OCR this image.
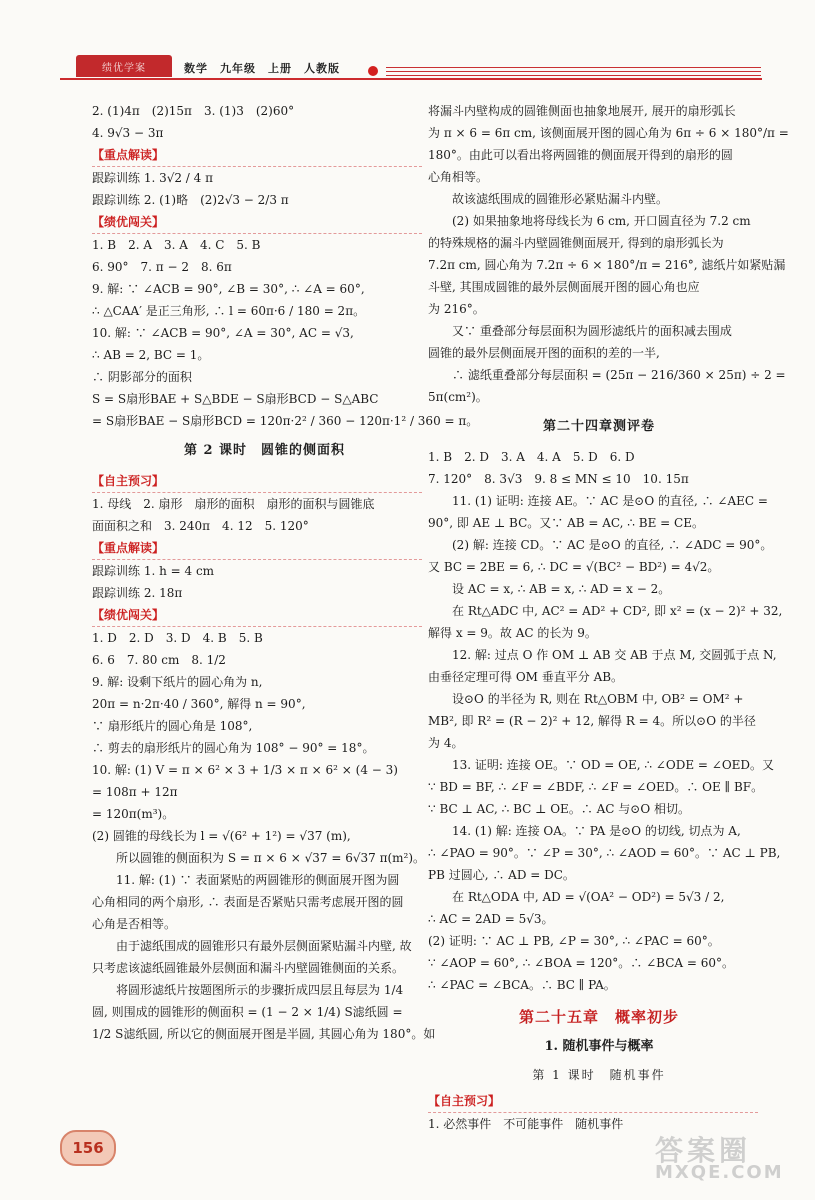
绩优学案	数学　九年级　上册　人教版
2. (1)4π　(2)15π　3. (1)3　(2)60°
4. 9√3 − 3π
【重点解读】
跟踪训练 1. 3√2 / 4 π
跟踪训练 2. (1)略　(2)2√3 − 2/3 π
【绩优闯关】
1. B　2. A　3. A　4. C　5. B
6. 90°　7. π − 2　8. 6π
9. 解: ∵ ∠ACB = 90°, ∠B = 30°, ∴ ∠A = 60°,
∴ △CAA′ 是正三角形, ∴ l = 60π·6 / 180 = 2π。
10. 解: ∵ ∠ACB = 90°, ∠A = 30°, AC = √3,
∴ AB = 2, BC = 1。
∴ 阴影部分的面积
S = S扇形BAE + S△BDE − S扇形BCD − S△ABC
= S扇形BAE − S扇形BCD = 120π·2² / 360 − 120π·1² / 360 = π。
第 2 课时　圆锥的侧面积
【自主预习】
1. 母线　2. 扇形　扇形的面积　扇形的面积与圆锥底
面面积之和　3. 240π　4. 12　5. 120°
【重点解读】
跟踪训练 1. h = 4 cm
跟踪训练 2. 18π
【绩优闯关】
1. D　2. D　3. D　4. B　5. B
6. 6　7. 80 cm　8. 1/2
9. 解: 设剩下纸片的圆心角为 n,
20π = n·2π·40 / 360°, 解得 n = 90°,
∵ 扇形纸片的圆心角是 108°,
∴ 剪去的扇形纸片的圆心角为 108° − 90° = 18°。
10. 解: (1) V = π × 6² × 3 + 1/3 × π × 6² × (4 − 3)
= 108π + 12π
= 120π(m³)。
(2) 圆锥的母线长为 l = √(6² + 1²) = √37 (m),
所以圆锥的侧面积为 S = π × 6 × √37 = 6√37 π(m²)。
11. 解: (1) ∵ 表面紧贴的两圆锥形的侧面展开图为圆
心角相同的两个扇形, ∴ 表面是否紧贴只需考虑展开图的圆
心角是否相等。
由于滤纸围成的圆锥形只有最外层侧面紧贴漏斗内壁, 故
只考虑该滤纸圆锥最外层侧面和漏斗内壁圆锥侧面的关系。
将圆形滤纸片按题图所示的步骤折成四层且每层为 1/4
圆, 则围成的圆锥形的侧面积 = (1 − 2 × 1/4) S滤纸圆 =
1/2 S滤纸圆, 所以它的侧面展开图是半圆, 其圆心角为 180°。如
将漏斗内壁构成的圆锥侧面也抽象地展开, 展开的扇形弧长
为 π × 6 = 6π cm, 该侧面展开图的圆心角为 6π ÷ 6 × 180°/π =
180°。由此可以看出将两圆锥的侧面展开得到的扇形的圆
心角相等。
故该滤纸围成的圆锥形必紧贴漏斗内壁。
(2) 如果抽象地将母线长为 6 cm, 开口圆直径为 7.2 cm
的特殊规格的漏斗内壁圆锥侧面展开, 得到的扇形弧长为
7.2π cm, 圆心角为 7.2π ÷ 6 × 180°/π = 216°, 滤纸片如紧贴漏
斗壁, 其围成圆锥的最外层侧面展开图的圆心角也应
为 216°。
又∵ 重叠部分每层面积为圆形滤纸片的面积减去围成
圆锥的最外层侧面展开图的面积的差的一半,
∴ 滤纸重叠部分每层面积 = (25π − 216/360 × 25π) ÷ 2 =
5π(cm²)。
第二十四章测评卷
1. B　2. D　3. A　4. A　5. D　6. D
7. 120°　8. 3√3　9. 8 ≤ MN ≤ 10　10. 15π
11. (1) 证明: 连接 AE。∵ AC 是⊙O 的直径, ∴ ∠AEC =
90°, 即 AE ⊥ BC。又∵ AB = AC, ∴ BE = CE。
(2) 解: 连接 CD。∵ AC 是⊙O 的直径, ∴ ∠ADC = 90°。
又 BC = 2BE = 6, ∴ DC = √(BC² − BD²) = 4√2。
设 AC = x, ∴ AB = x, ∴ AD = x − 2。
在 Rt△ADC 中, AC² = AD² + CD², 即 x² = (x − 2)² + 32,
解得 x = 9。故 AC 的长为 9。
12. 解: 过点 O 作 OM ⊥ AB 交 AB 于点 M, 交圆弧于点 N,
由垂径定理可得 OM 垂直平分 AB。
设⊙O 的半径为 R, 则在 Rt△OBM 中, OB² = OM² +
MB², 即 R² = (R − 2)² + 12, 解得 R = 4。所以⊙O 的半径
为 4。
13. 证明: 连接 OE。∵ OD = OE, ∴ ∠ODE = ∠OED。又
∵ BD = BF, ∴ ∠F = ∠BDF, ∴ ∠F = ∠OED。∴ OE ∥ BF。
∵ BC ⊥ AC, ∴ BC ⊥ OE。∴ AC 与⊙O 相切。
14. (1) 解: 连接 OA。∵ PA 是⊙O 的切线, 切点为 A,
∴ ∠PAO = 90°。∵ ∠P = 30°, ∴ ∠AOD = 60°。∵ AC ⊥ PB,
PB 过圆心, ∴ AD = DC。
在 Rt△ODA 中, AD = √(OA² − OD²) = 5√3 / 2,
∴ AC = 2AD = 5√3。
(2) 证明: ∵ AC ⊥ PB, ∠P = 30°, ∴ ∠PAC = 60°。
∵ ∠AOP = 60°, ∴ ∠BOA = 120°。∴ ∠BCA = 60°。
∴ ∠PAC = ∠BCA。∴ BC ∥ PA。
第二十五章　概率初步
1. 随机事件与概率
第 1 课时　随机事件
【自主预习】
1. 必然事件　不可能事件　随机事件
156	答案圈
MXQE.COM
